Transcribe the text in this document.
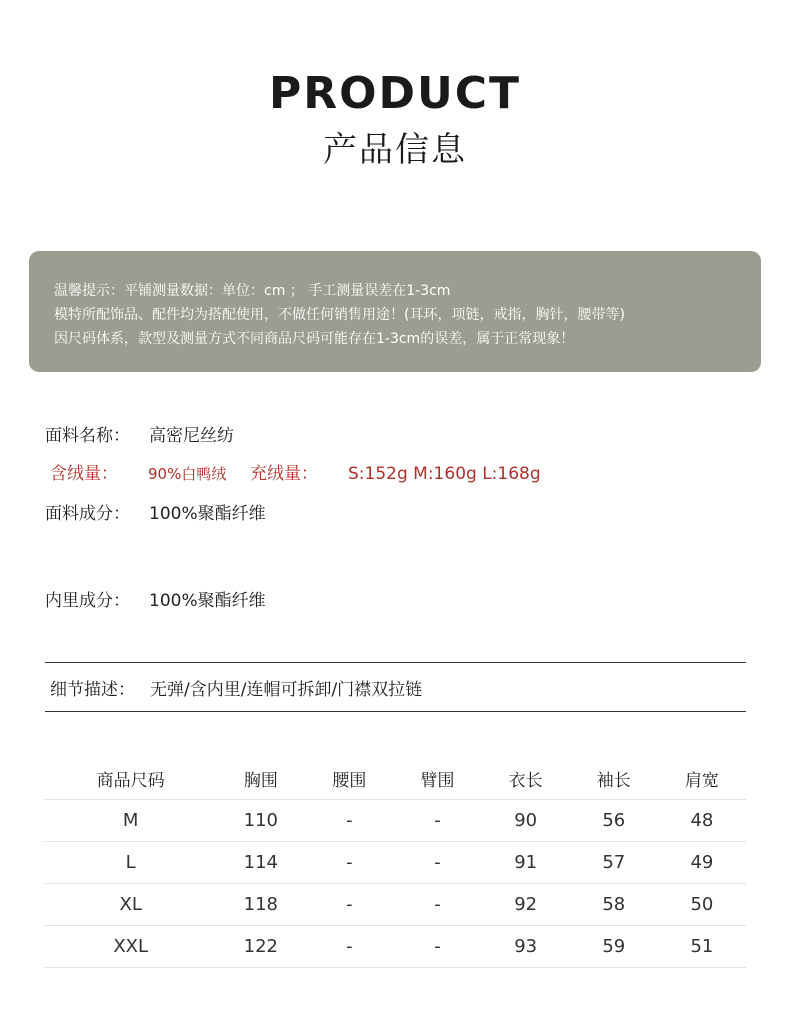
PRODUCT
产品信息
温馨提示：平铺测量数据：单位：cm ； 手工测量误差在1-3cm
模特所配饰品、配件均为搭配使用，不做任何销售用途！(耳环，项链，戒指，胸针，腰带等)
因尺码体系，款型及测量方式不同商品尺码可能存在1-3cm的误差，属于正常现象！
面料名称： 高密尼丝纺
含绒量： 90%白鸭绒 充绒量： S:152g M:160g L:168g
面料成分： 100%聚酯纤维
内里成分： 100%聚酯纤维
细节描述： 无弹/含内里/连帽可拆卸/门襟双拉链
商品尺码	胸围	腰围	臂围	衣长	袖长	肩宽
M	110	-	-	90	56	48
L	114	-	-	91	57	49
XL	118	-	-	92	58	50
XXL	122	-	-	93	59	51
